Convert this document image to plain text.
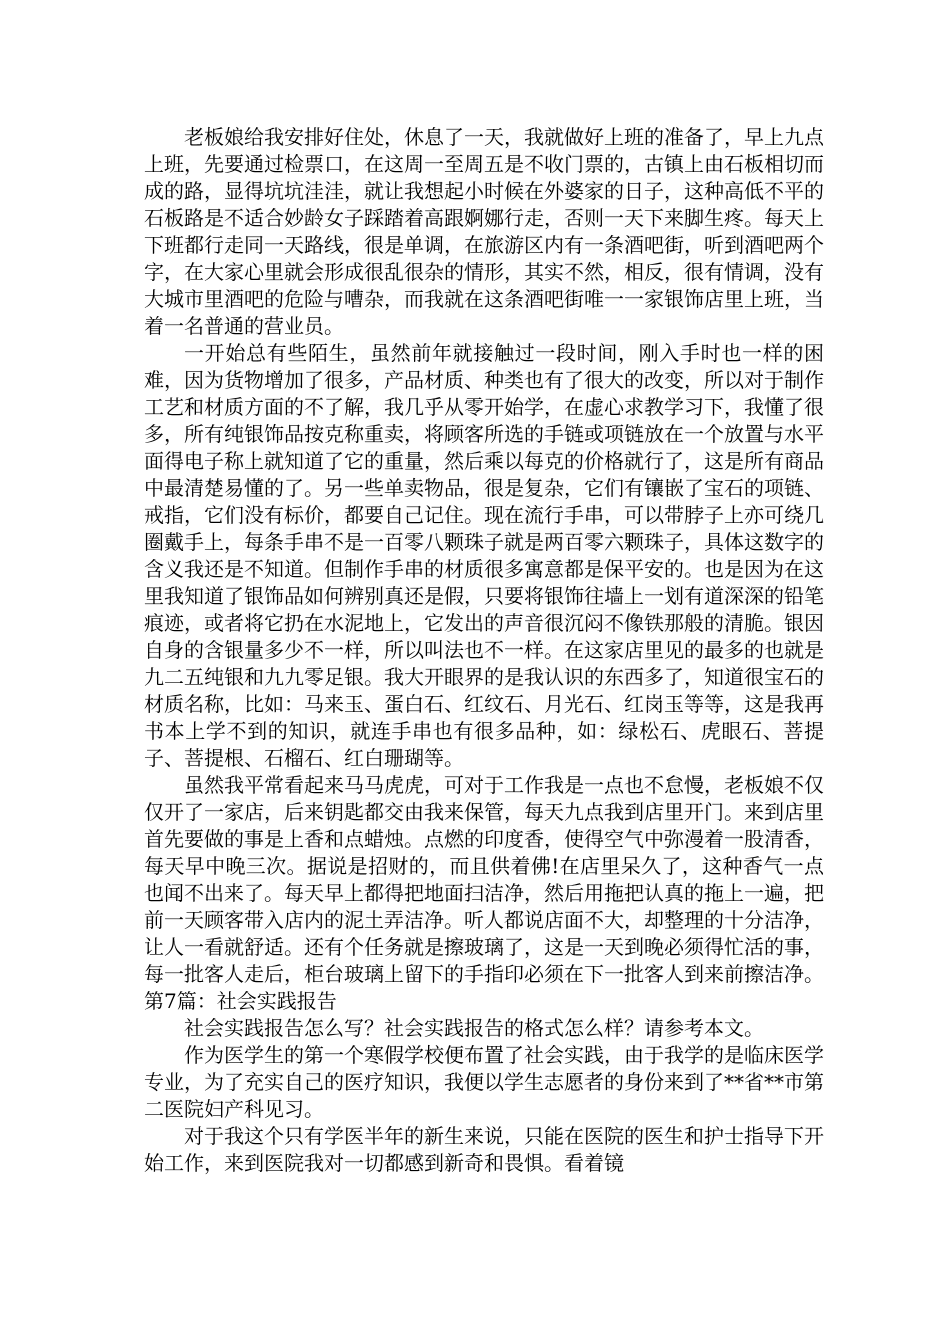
老板娘给我安排好住处，休息了一天，我就做好上班的准备了，早上九点上班，先要通过检票口，在这周一至周五是不收门票的，古镇上由石板相切而成的路，显得坑坑洼洼，就让我想起小时候在外婆家的日子，这种高低不平的石板路是不适合妙龄女子踩踏着高跟婀娜行走，否则一天下来脚生疼。每天上下班都行走同一天路线，很是单调，在旅游区内有一条酒吧街，听到酒吧两个字，在大家心里就会形成很乱很杂的情形，其实不然，相反，很有情调，没有大城市里酒吧的危险与嘈杂，而我就在这条酒吧街唯一一家银饰店里上班，当着一名普通的营业员。

一开始总有些陌生，虽然前年就接触过一段时间，刚入手时也一样的困难，因为货物增加了很多，产品材质、种类也有了很大的改变，所以对于制作工艺和材质方面的不了解，我几乎从零开始学，在虚心求教学习下，我懂了很多，所有纯银饰品按克称重卖，将顾客所选的手链或项链放在一个放置与水平面得电子称上就知道了它的重量，然后乘以每克的价格就行了，这是所有商品中最清楚易懂的了。另一些单卖物品，很是复杂，它们有镶嵌了宝石的项链、戒指，它们没有标价，都要自己记住。现在流行手串，可以带脖子上亦可绕几圈戴手上，每条手串不是一百零八颗珠子就是两百零六颗珠子，具体这数字的含义我还是不知道。但制作手串的材质很多寓意都是保平安的。也是因为在这里我知道了银饰品如何辨别真还是假，只要将银饰往墙上一划有道深深的铅笔痕迹，或者将它扔在水泥地上，它发出的声音很沉闷不像铁那般的清脆。银因自身的含银量多少不一样，所以叫法也不一样。在这家店里见的最多的也就是九二五纯银和九九零足银。我大开眼界的是我认识的东西多了，知道很宝石的材质名称，比如：马来玉、蛋白石、红纹石、月光石、红岗玉等等，这是我再书本上学不到的知识，就连手串也有很多品种，如：绿松石、虎眼石、菩提子、菩提根、石榴石、红白珊瑚等。

虽然我平常看起来马马虎虎，可对于工作我是一点也不怠慢，老板娘不仅仅开了一家店，后来钥匙都交由我来保管，每天九点我到店里开门。来到店里首先要做的事是上香和点蜡烛。点燃的印度香，使得空气中弥漫着一股清香，每天早中晚三次。据说是招财的，而且供着佛!在店里呆久了，这种香气一点也闻不出来了。每天早上都得把地面扫洁净，然后用拖把认真的拖上一遍，把前一天顾客带入店内的泥土弄洁净。听人都说店面不大，却整理的十分洁净，让人一看就舒适。还有个任务就是擦玻璃了，这是一天到晚必须得忙活的事，每一批客人走后，柜台玻璃上留下的手指印必须在下一批客人到来前擦洁净。第7篇：社会实践报告

社会实践报告怎么写？社会实践报告的格式怎么样？请参考本文。

作为医学生的第一个寒假学校便布置了社会实践，由于我学的是临床医学专业，为了充实自己的医疗知识，我便以学生志愿者的身份来到了**省**市第二医院妇产科见习。

对于我这个只有学医半年的新生来说，只能在医院的医生和护士指导下开始工作，来到医院我对一切都感到新奇和畏惧。看着镜
